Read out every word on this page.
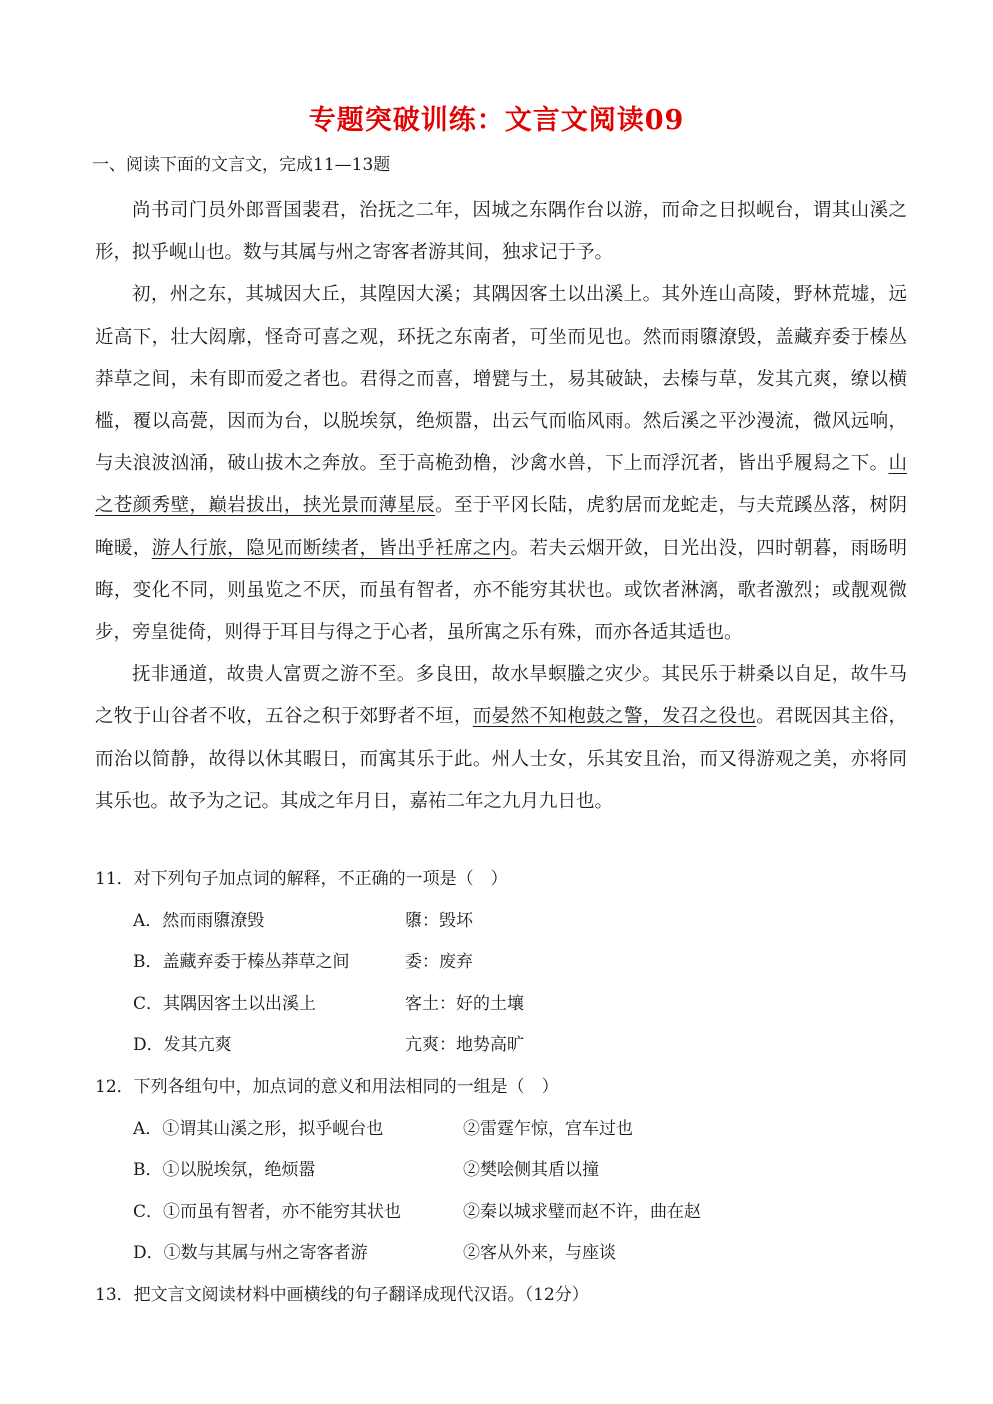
专题突破训练：文言文阅读09
一、阅读下面的文言文，完成11—13题

尚书司门员外郎晋国裴君，治抚之二年，因城之东隅作台以游，而命之日拟岘台，谓其山溪之形，拟乎岘山也。数与其属与州之寄客者游其间，独求记于予。

初，州之东，其城因大丘，其隍因大溪；其隅因客土以出溪上。其外连山高陵，野林荒墟，远近高下，壮大闳廓，怪奇可喜之观，环抚之东南者，可坐而见也。然而雨隳潦毁，盖藏弃委于榛丛莽草之间，未有即而爱之者也。君得之而喜，增甓与土，易其破缺，去榛与草，发其亢爽，缭以横槛，覆以高甍，因而为台，以脱埃氛，绝烦嚣，出云气而临风雨。然后溪之平沙漫流，微风远响，与夫浪波汹涌，破山拔木之奔放。至于高桅劲橹，沙禽水兽，下上而浮沉者，皆出乎履舄之下。山之苍颜秀壁，巅岩拔出，挟光景而薄星辰。至于平冈长陆，虎豹居而龙蛇走，与夫荒蹊丛落，树阴晻暖，游人行旅，隐见而断续者，皆出乎衽席之内。若夫云烟开敛，日光出没，四时朝暮，雨旸明晦，变化不同，则虽览之不厌，而虽有智者，亦不能穷其状也。或饮者淋漓，歌者激烈；或靓观微步，旁皇徙倚，则得于耳目与得之于心者，虽所寓之乐有殊，而亦各适其适也。

抚非通道，故贵人富贾之游不至。多良田，故水旱螟螣之灾少。其民乐于耕桑以自足，故牛马之牧于山谷者不收，五谷之积于郊野者不垣，而晏然不知枹鼓之警，发召之役也。君既因其主俗，而治以简静，故得以休其暇日，而寓其乐于此。州人士女，乐其安且治，而又得游观之美，亦将同其乐也。故予为之记。其成之年月日，嘉祐二年之九月九日也。

11．对下列句子加点词的解释，不正确的一项是（　）
A．然而雨隳潦毁	隳：毁坏
B．盖藏弃委于榛丛莽草之间	委：废弃
C．其隅因客土以出溪上	客土：好的土壤
D．发其亢爽	亢爽：地势高旷
12．下列各组句中，加点词的意义和用法相同的一组是（　）
A．①谓其山溪之形，拟乎岘台也	②雷霆乍惊，宫车过也
B．①以脱埃氛，绝烦嚣	②樊哙侧其盾以撞
C．①而虽有智者，亦不能穷其状也	②秦以城求璧而赵不许，曲在赵
D．①数与其属与州之寄客者游	②客从外来，与座谈
13．把文言文阅读材料中画横线的句子翻译成现代汉语。（12分）
